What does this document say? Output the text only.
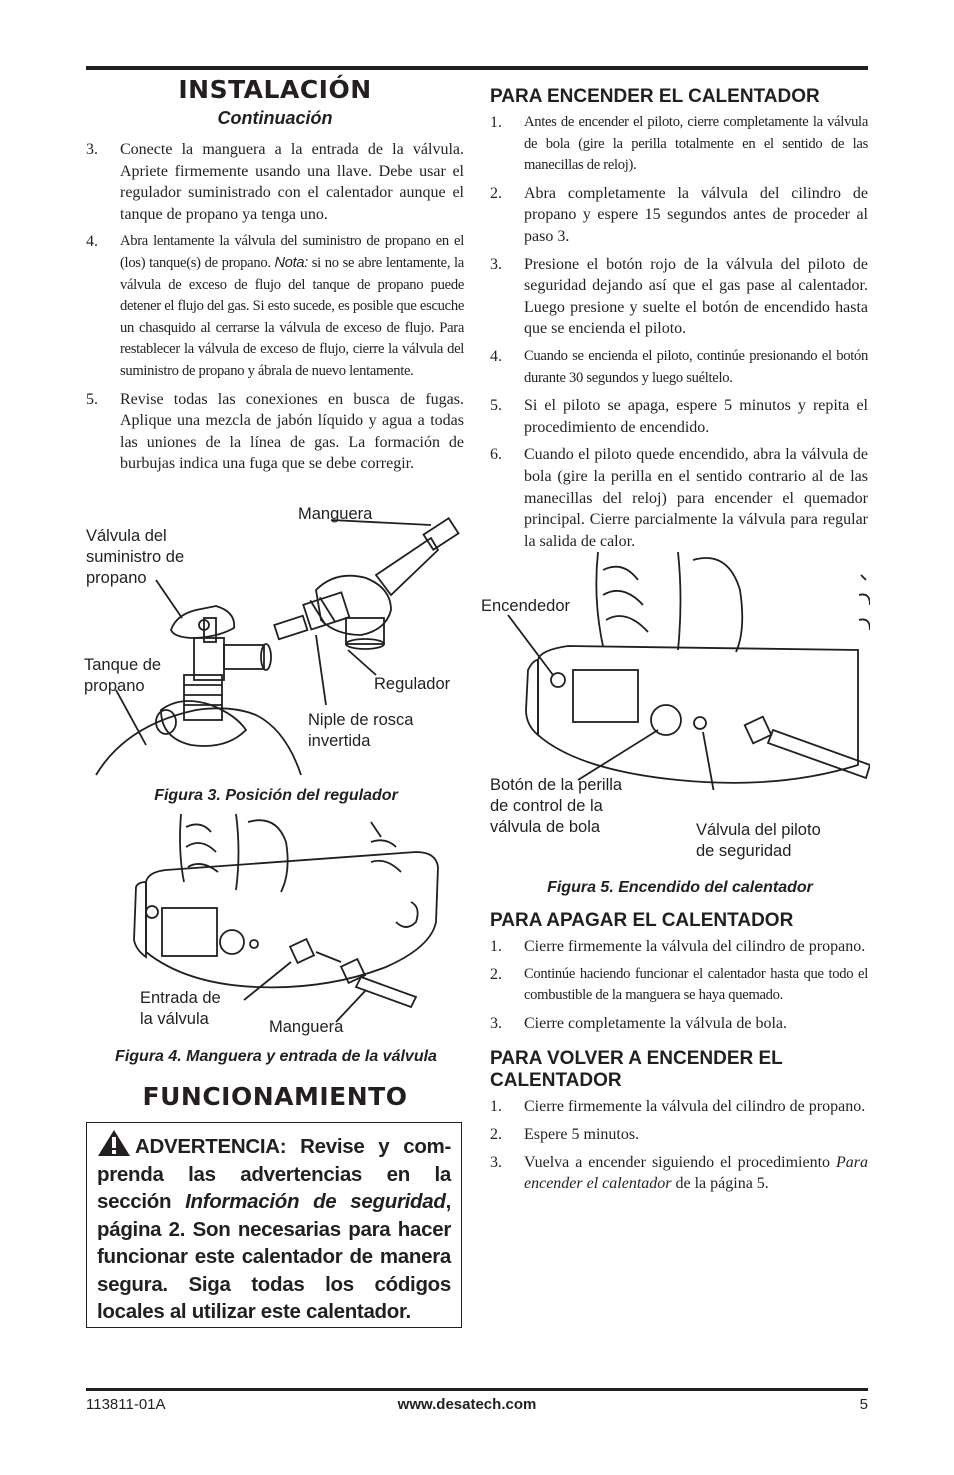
INSTALACIÓN
Continuación
3.	Conecte la manguera a la entrada de la válvula. Apriete firmemente usando una llave. Debe usar el regulador suministrado con el calentador aunque el tanque de propano ya tenga uno.
4.	Abra lentamente la válvula del suministro de propano en el (los) tanque(s) de propano. Nota: si no se abre lentamente, la válvula de exceso de flujo del tanque de propano puede detener el flujo del gas. Si esto sucede, es posible que escuche un chasquido al cerrarse la válvula de exceso de flujo. Para restablecer la válvula de exceso de flujo, cierre la válvula del suministro de propano y ábrala de nuevo lentamente.
5.	Revise todas las conexiones en busca de fugas. Aplique una mezcla de jabón líquido y agua a todas las uniones de la línea de gas. La formación de burbujas indica una fuga que se debe corregir.
Válvula del
suministro de
propano
Manguera
Tanque de
propano	Regulador
Niple de rosca
invertida
Figura 3. Posición del regulador
Entrada de
la válvula	Manguera
Figura 4. Manguera y entrada de la válvula
FUNCIONAMIENTO
ADVERTENCIA: Revise y com-prenda las advertencias en la sección Información de seguridad, página 2. Son necesarias para hacer funcionar este calentador de manera segura. Siga todas los códigos locales al utilizar este calentador.
PARA ENCENDER EL CALENTADOR
1.	Antes de encender el piloto, cierre completamente la válvula de bola (gire la perilla totalmente en el sentido de las manecillas de reloj).
2.	Abra completamente la válvula del cilindro de propano y espere 15 segundos antes de proceder al paso 3.
3.	Presione el botón rojo de la válvula del piloto de seguridad dejando así que el gas pase al calentador. Luego presione y suelte el botón de encendido hasta que se encienda el piloto.
4.	Cuando se encienda el piloto, continúe presionando el botón durante 30 segundos y luego suéltelo.
5.	Si el piloto se apaga, espere 5 minutos y repita el procedimiento de encendido.
6.	Cuando el piloto quede encendido, abra la válvula de bola (gire la perilla en el sentido contrario al de las manecillas del reloj) para encender el quemador principal. Cierre parcialmente la válvula para regular la salida de calor.
Encendedor
Botón de la perilla
de control de la
válvula de bola	Válvula del piloto
de seguridad
Figura 5. Encendido del calentador
PARA APAGAR EL CALENTADOR
1.	Cierre firmemente la válvula del cilindro de propano.
2.	Continúe haciendo funcionar el calentador hasta que todo el combustible de la manguera se haya quemado.
3.	Cierre completamente la válvula de bola.
PARA VOLVER A ENCENDER EL CALENTADOR
1.	Cierre firmemente la válvula del cilindro de propano.
2.	Espere 5 minutos.
3.	Vuelva a encender siguiendo el procedimiento Para encender el calentador de la página 5.
113811-01A	www.desatech.com	5
